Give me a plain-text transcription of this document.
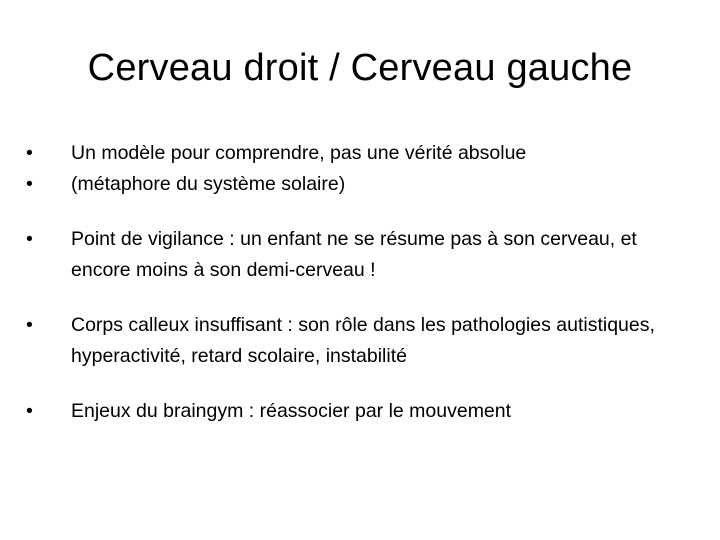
Cerveau droit / Cerveau gauche
• Un modèle pour comprendre, pas une vérité absolue
• (métaphore du système solaire)
• Point de vigilance : un enfant ne se résume pas à son cerveau, et encore moins à son demi-cerveau !
• Corps calleux insuffisant : son rôle dans les pathologies autistiques, hyperactivité, retard scolaire, instabilité
• Enjeux du braingym : réassocier par le mouvement
